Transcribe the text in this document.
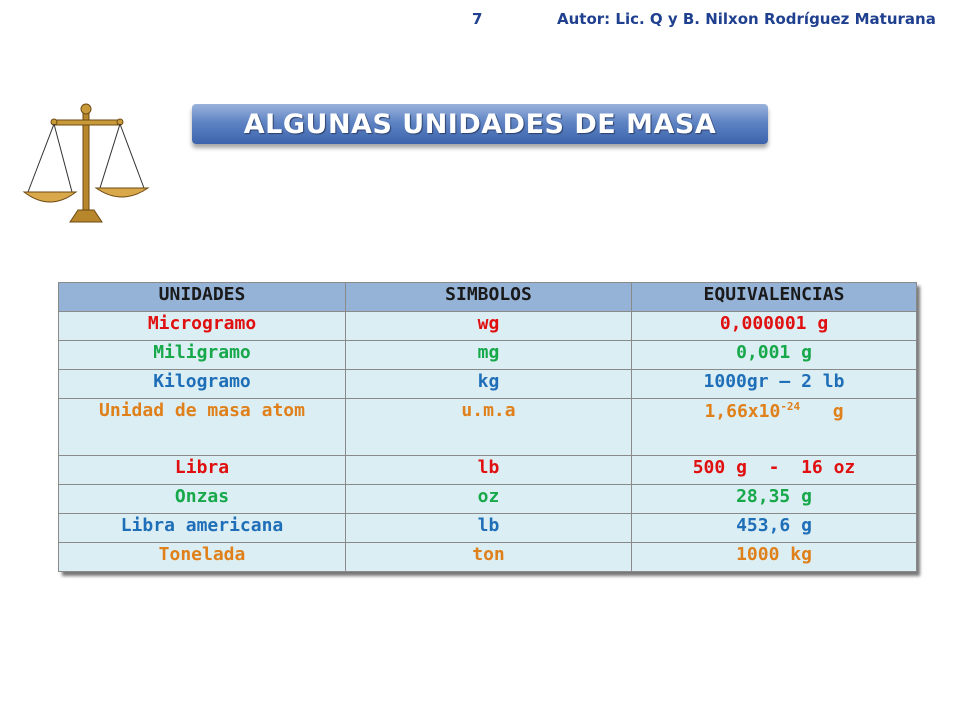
7	Autor: Lic. Q y B. Nilxon Rodríguez Maturana
ALGUNAS UNIDADES DE MASA
UNIDADES	SIMBOLOS	EQUIVALENCIAS
Microgramo	wg	0,000001 g
Miligramo	mg	0,001 g
Kilogramo	kg	1000gr – 2 lb
Unidad de masa atom	u.m.a	$1,66x10^{-24}$ g
Libra	lb	500 g  -  16 oz
Onzas	oz	28,35 g
Libra americana	lb	453,6 g
Tonelada	ton	1000 kg
